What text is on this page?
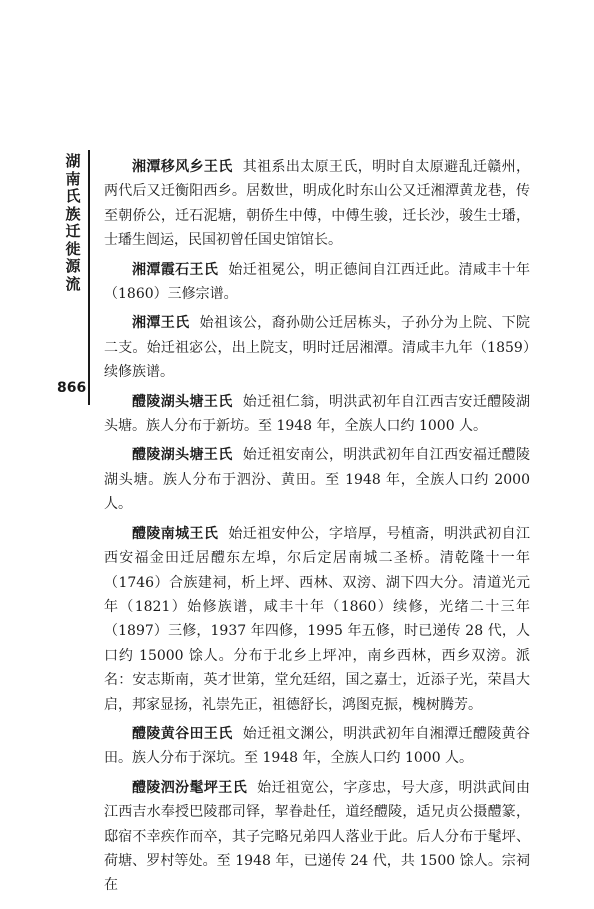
湖南氏族迁徙源流
866

湘潭移风乡王氏 其祖系出太原王氏，明时自太原避乱迁赣州，两代后又迁衡阳西乡。居数世，明成化时东山公又迁湘潭黄龙巷，传至朝侨公，迁石泥塘，朝侨生中傅，中傅生骏，迁长沙，骏生士璠，士璠生闿运，民国初曾任国史馆馆长。

湘潭霞石王氏 始迁祖冕公，明正德间自江西迁此。清咸丰十年（1860）三修宗谱。

湘潭王氏 始祖该公，裔孙勋公迁居栋头，子孙分为上院、下院二支。始迁祖宓公，出上院支，明时迁居湘潭。清咸丰九年（1859）续修族谱。

醴陵湖头塘王氏 始迁祖仁翁，明洪武初年自江西吉安迁醴陵湖头塘。族人分布于新坊。至 1948 年，全族人口约 1000 人。

醴陵湖头塘王氏 始迁祖安南公，明洪武初年自江西安福迁醴陵湖头塘。族人分布于泗汾、黄田。至 1948 年，全族人口约 2000 人。

醴陵南城王氏 始迁祖安仲公，字培厚，号植斋，明洪武初自江西安福金田迁居醴东左埠，尔后定居南城二圣桥。清乾隆十一年（1746）合族建祠，析上坪、西林、双滂、湖下四大分。清道光元年（1821）始修族谱，咸丰十年（1860）续修，光绪二十三年（1897）三修，1937 年四修，1995 年五修，时已递传 28 代，人口约 15000 馀人。分布于北乡上坪冲，南乡西林，西乡双滂。派名：安志斯南，英才世第，堂允廷绍，国之嘉士，近添子光，荣昌大启，邦家显扬，礼崇先正，祖德舒长，鸿图克振，槐树腾芳。

醴陵黄谷田王氏 始迁祖文渊公，明洪武初年自湘潭迁醴陵黄谷田。族人分布于深坑。至 1948 年，全族人口约 1000 人。

醴陵泗汾髦坪王氏 始迁祖宽公，字彦忠，号大彦，明洪武间由江西吉水奉授巴陵郡司铎，挈眷赴任，道经醴陵，适兄贞公摄醴篆，邸宿不幸疾作而卒，其子完略兄弟四人落业于此。后人分布于髦坪、荷塘、罗村等处。至 1948 年，已递传 24 代，共 1500 馀人。宗祠在
